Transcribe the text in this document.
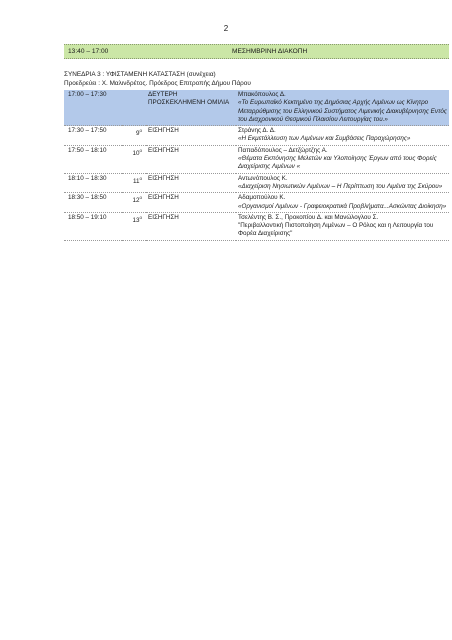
2
13:40 – 17:00	ΜΕΣΗΜΒΡΙΝΗ ΔΙΑΚΟΠΗ
ΣΥΝΕΔΡΙΑ 3 : ΥΦΙΣΤΑΜΕΝΗ ΚΑΤΑΣΤΑΣΗ (συνέχεια)
Προεδρεύει : Χ. Μαλινδρέτος. Πρόεδρος Επιτροπής Δήμου Πάρου
17:00 – 17:30		ΔΕΥΤΕΡΗ ΠΡΟΣΚΕΚΛΗΜΕΝΗ ΟΜΙΛΙΑ	Μπακόπουλος Δ.
«Το Ευρωπαϊκό Κεκτημένο της Δημόσιας Αρχής Λιμένων ως Κίνητρο Μεταρρύθμισης του Ελληνικού Συστήματος Λιμενικής Διακυβέρνησης Εντός του Διαχρονικού Θεσμικού Πλαισίου Λειτουργίας του.»

17:30 – 17:50	$9^o$	ΕΙΣΗΓΗΣΗ	Στράνης Δ. Δ.
«Η Εκμετάλλευση των Λιμένων και Συμβάσεις Παραχώρησης»

17:50 – 18:10	$10^o$	ΕΙΣΗΓΗΣΗ	Παπαδόπουλος – Δετζώρτζης Α.
«Θέματα Εκπόνησης Μελετών και Υλοποίησης Έργων από τους Φορείς Διαχείρισης Λιμένων «

18:10 – 18:30	$11^o$	ΕΙΣΗΓΗΣΗ	Αντωνόπουλος Κ.
«Διαχείριση Νησιωτικών Λιμένων – Η Περίπτωση του Λιμένα της Σκύρου»

18:30 – 18:50	$12^o$	ΕΙΣΗΓΗΣΗ	Αδαμοπούλου Κ.
«Οργανισμοί Λιμένων - Γραφειοκρατικά Προβλήματα...Ασκώντας Διοίκηση»

18:50 – 19:10	$13^o$	ΕΙΣΗΓΗΣΗ	Τσελέντης Β. Σ., Προκοπίου Δ. και Μανώλογλου Σ.
"Περιβαλλοντική Πιστοποίηση Λιμένων – Ο Ρόλος και η Λειτουργία του Φορέα Διαχείρισης"
